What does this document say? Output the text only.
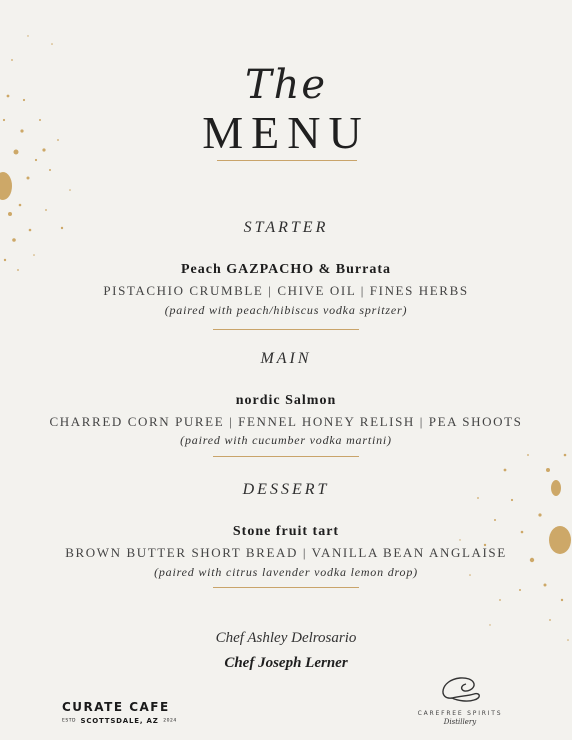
The
MENU
STARTER
Peach GAZPACHO & Burrata
PISTACHIO CRUMBLE | CHIVE OIL | FINES HERBS
(paired with peach/hibiscus vodka spritzer)
MAIN
nordic Salmon
CHARRED CORN PUREE | FENNEL HONEY RELISH | PEA SHOOTS
(paired with cucumber vodka martini)
DESSERT
Stone fruit tart
BROWN BUTTER SHORT BREAD | VANILLA BEAN ANGLAISE
(paired with citrus lavender vodka lemon drop)
Chef Ashley Delrosario
Chef Joseph Lerner
CURATE CAFE
ESTD SCOTTSDALE, AZ 2024
CAREFREE SPIRITS
Distillery
